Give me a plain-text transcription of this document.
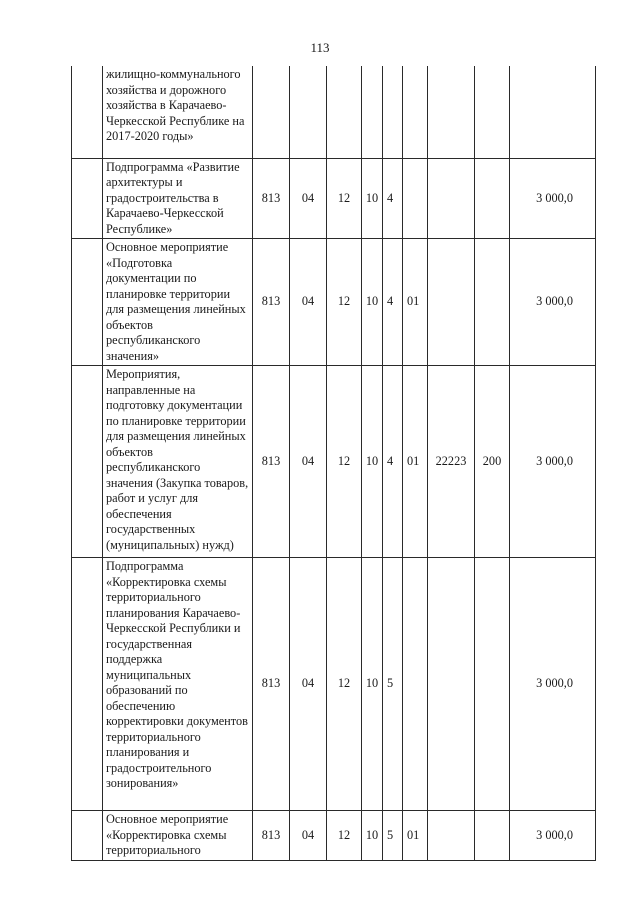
113
	жилищно-коммунального хозяйства и дорожного хозяйства в Карачаево-Черкесской Республике на 2017-2020 годы»									
	Подпрограмма «Развитие архитектуры и градостроительства в Карачаево-Черкесской Республике»	813	04	12	10	4				3 000,0
	Основное мероприятие «Подготовка документации по планировке территории для размещения линейных объектов республиканского значения»	813	04	12	10	4	01			3 000,0
	Мероприятия, направленные на подготовку документации по планировке территории для размещения линейных объектов республиканского значения (Закупка товаров, работ и услуг для обеспечения государственных (муниципальных) нужд)	813	04	12	10	4	01	22223	200	3 000,0
	Подпрограмма «Корректировка схемы территориального планирования Карачаево-Черкесской Республики и государственная поддержка муниципальных образований по обеспечению корректировки документов территориального планирования и градостроительного зонирования»	813	04	12	10	5				3 000,0
	Основное мероприятие «Корректировка схемы территориального	813	04	12	10	5	01			3 000,0
